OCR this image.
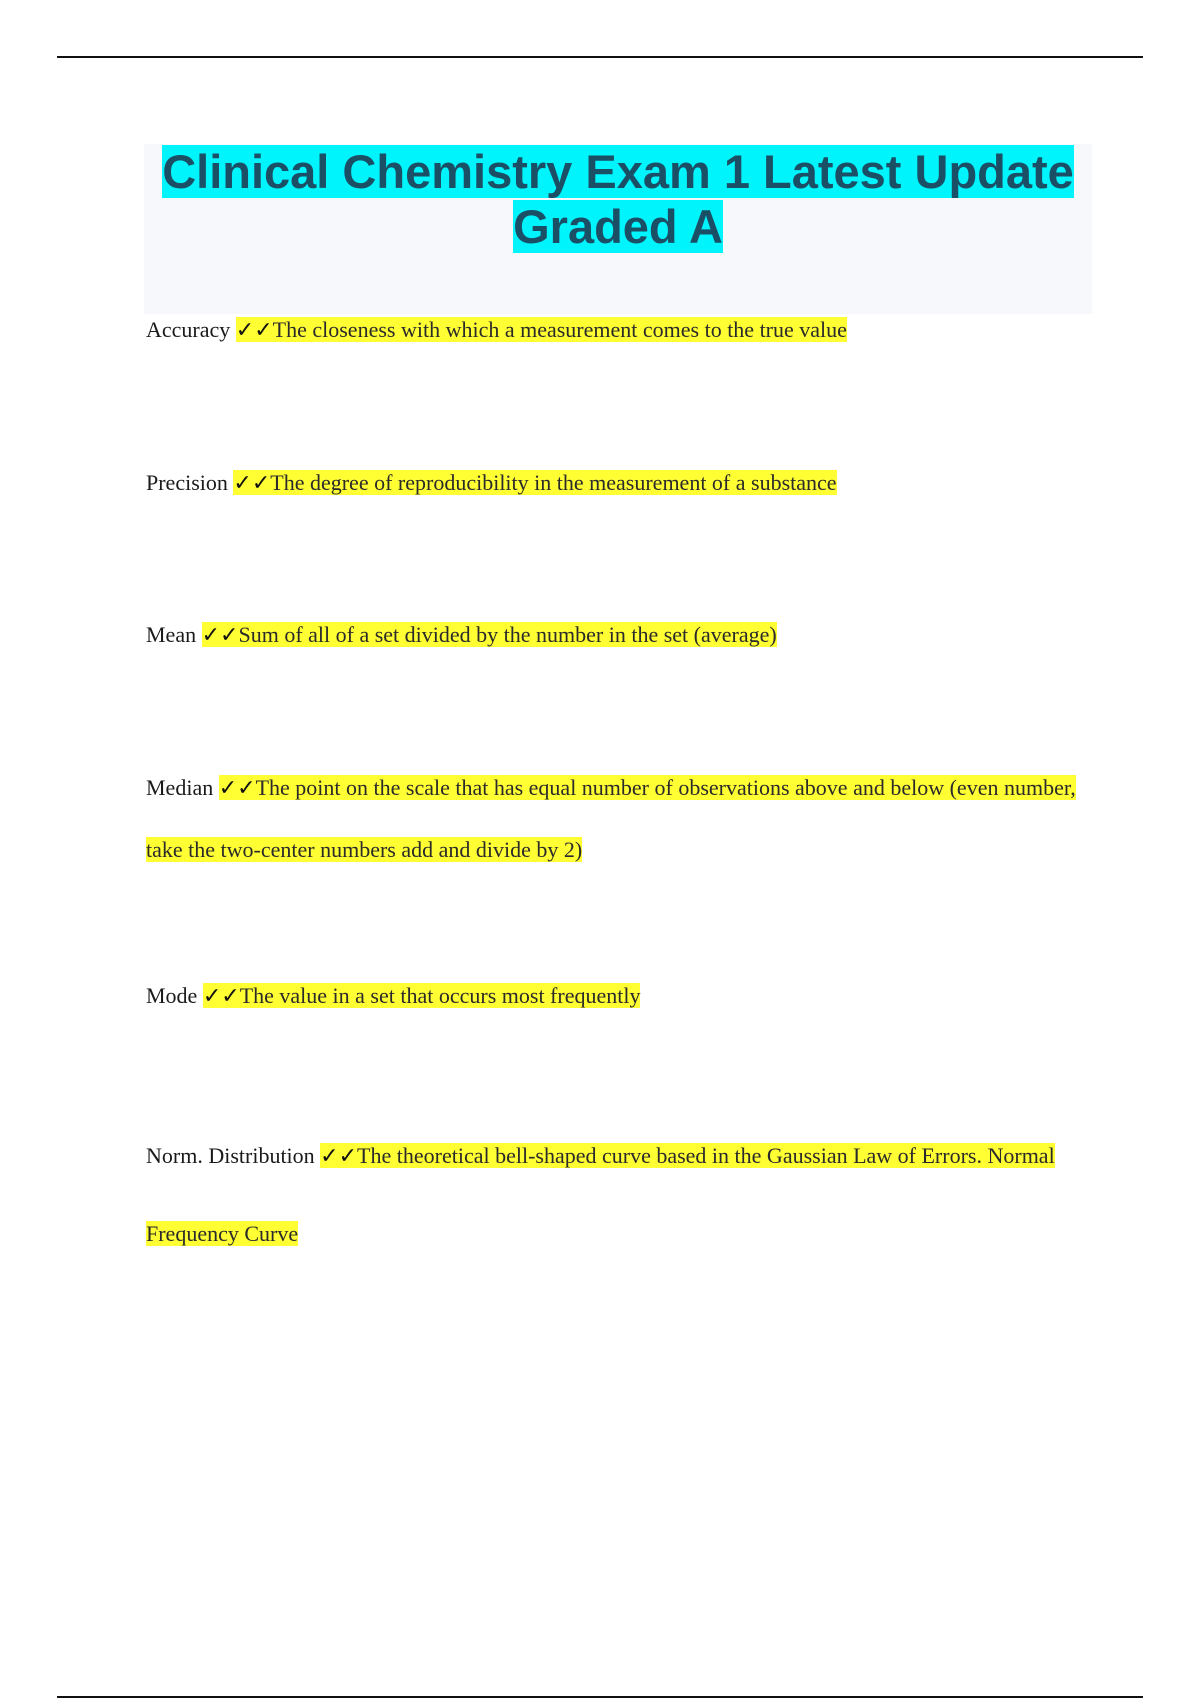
Clinical Chemistry Exam 1 Latest Update Graded A

Accuracy ✓✓The closeness with which a measurement comes to the true value

Precision ✓✓The degree of reproducibility in the measurement of a substance

Mean ✓✓Sum of all of a set divided by the number in the set (average)

Median ✓✓The point on the scale that has equal number of observations above and below (even number, take the two-center numbers add and divide by 2)

Mode ✓✓The value in a set that occurs most frequently

Norm. Distribution ✓✓The theoretical bell-shaped curve based in the Gaussian Law of Errors. Normal Frequency Curve
